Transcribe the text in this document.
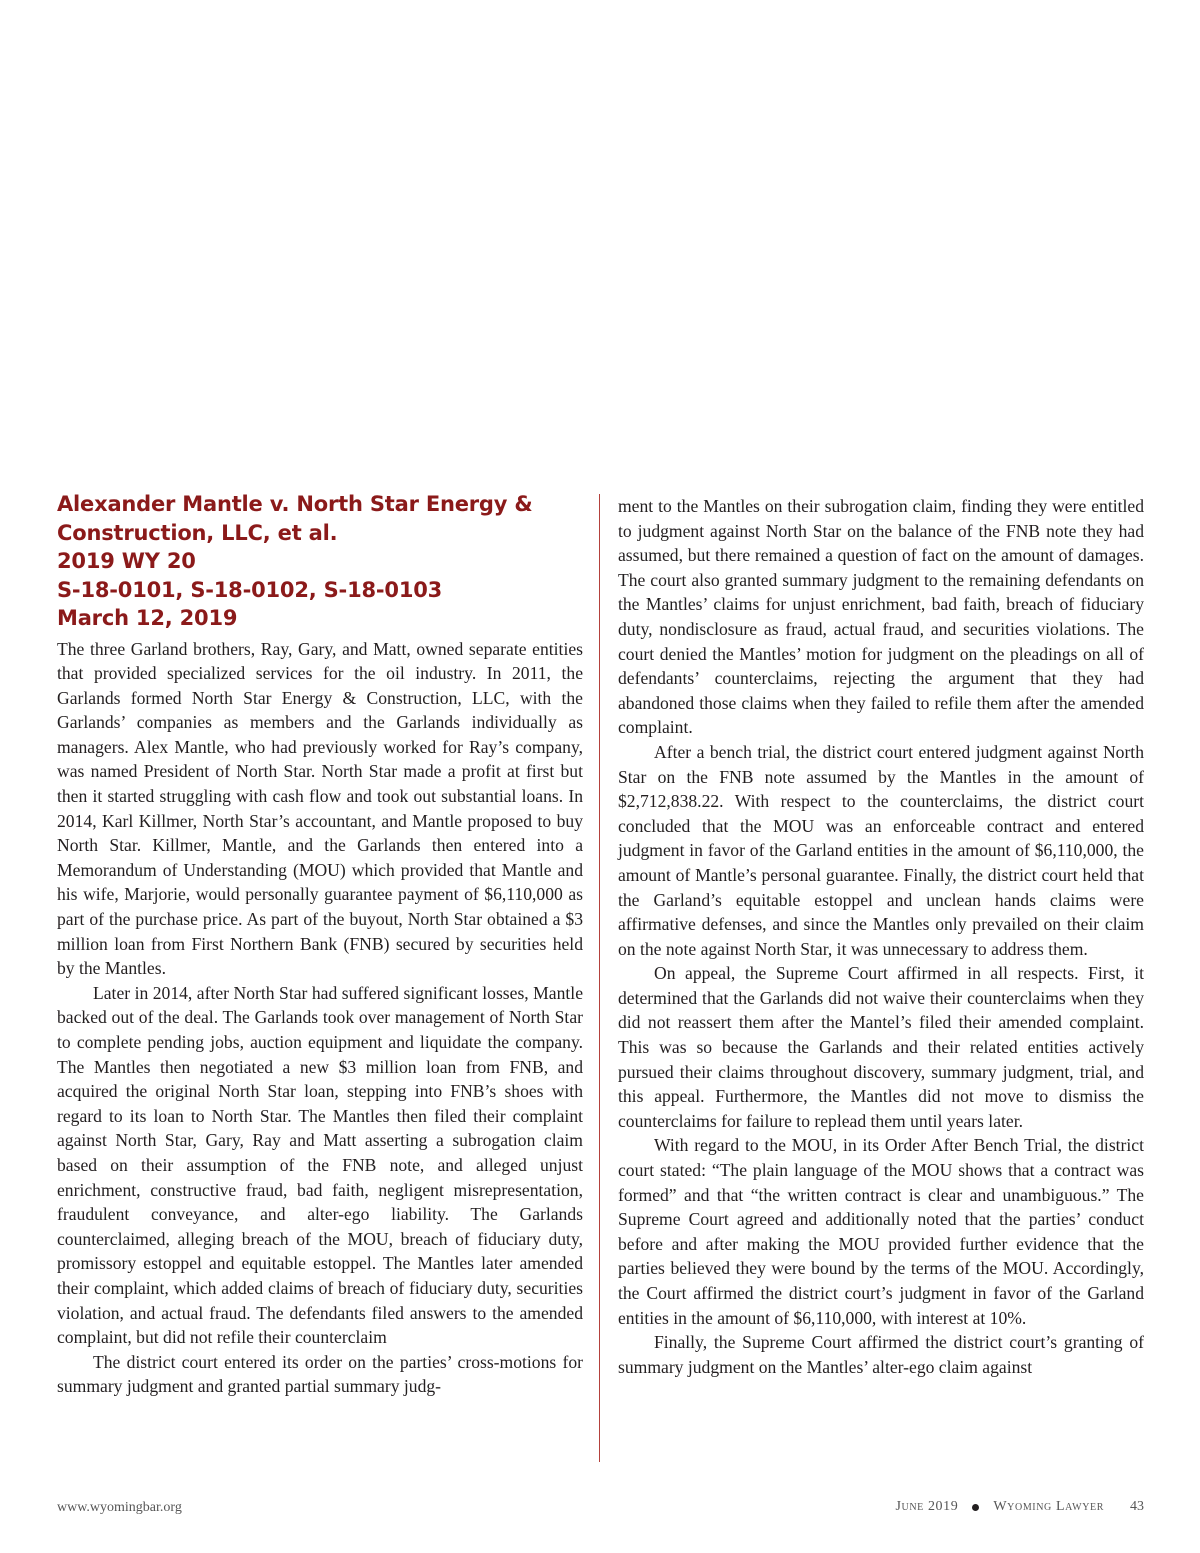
Alexander Mantle v. North Star Energy &
Construction, LLC, et al.
2019 WY 20
S-18-0101, S-18-0102, S-18-0103
March 12, 2019

The three Garland brothers, Ray, Gary, and Matt, owned separate entities that provided specialized services for the oil industry. In 2011, the Garlands formed North Star Energy & Construction, LLC, with the Garlands’ companies as members and the Garlands individually as managers. Alex Mantle, who had previously worked for Ray’s company, was named President of North Star. North Star made a profit at first but then it started struggling with cash flow and took out substantial loans. In 2014, Karl Killmer, North Star’s accountant, and Mantle proposed to buy North Star. Killmer, Mantle, and the Garlands then entered into a Memorandum of Understanding (MOU) which provided that Mantle and his wife, Marjorie, would personally guarantee payment of $6,110,000 as part of the purchase price. As part of the buyout, North Star obtained a $3 million loan from First Northern Bank (FNB) secured by securities held by the Mantles.

Later in 2014, after North Star had suffered significant losses, Mantle backed out of the deal. The Garlands took over management of North Star to complete pending jobs, auction equipment and liquidate the company. The Mantles then negotiated a new $3 million loan from FNB, and acquired the original North Star loan, stepping into FNB’s shoes with regard to its loan to North Star. The Mantles then filed their complaint against North Star, Gary, Ray and Matt asserting a subrogation claim based on their assumption of the FNB note, and alleged unjust enrichment, constructive fraud, bad faith, negligent misrepresentation, fraudulent conveyance, and alter-ego liability. The Garlands counterclaimed, alleging breach of the MOU, breach of fiduciary duty, promissory estoppel and equitable estoppel. The Mantles later amended their complaint, which added claims of breach of fiduciary duty, securities violation, and actual fraud. The defendants filed answers to the amended complaint, but did not refile their counterclaim

The district court entered its order on the parties’ cross-motions for summary judgment and granted partial summary judg-

ment to the Mantles on their subrogation claim, finding they were entitled to judgment against North Star on the balance of the FNB note they had assumed, but there remained a question of fact on the amount of damages. The court also granted summary judgment to the remaining defendants on the Mantles’ claims for unjust enrichment, bad faith, breach of fiduciary duty, nondisclosure as fraud, actual fraud, and securities violations. The court denied the Mantles’ motion for judgment on the pleadings on all of defendants’ counterclaims, rejecting the argument that they had abandoned those claims when they failed to refile them after the amended complaint.

After a bench trial, the district court entered judgment against North Star on the FNB note assumed by the Mantles in the amount of $2,712,838.22. With respect to the counterclaims, the district court concluded that the MOU was an enforceable contract and entered judgment in favor of the Garland entities in the amount of $6,110,000, the amount of Mantle’s personal guarantee. Finally, the district court held that the Garland’s equitable estoppel and unclean hands claims were affirmative defenses, and since the Mantles only prevailed on their claim on the note against North Star, it was unnecessary to address them.

On appeal, the Supreme Court affirmed in all respects. First, it determined that the Garlands did not waive their counterclaims when they did not reassert them after the Mantel’s filed their amended complaint. This was so because the Garlands and their related entities actively pursued their claims throughout discovery, summary judgment, trial, and this appeal. Furthermore, the Mantles did not move to dismiss the counterclaims for failure to replead them until years later.

With regard to the MOU, in its Order After Bench Trial, the district court stated: “The plain language of the MOU shows that a contract was formed” and that “the written contract is clear and unambiguous.” The Supreme Court agreed and additionally noted that the parties’ conduct before and after making the MOU provided further evidence that the parties believed they were bound by the terms of the MOU. Accordingly, the Court affirmed the district court’s judgment in favor of the Garland entities in the amount of $6,110,000, with interest at 10%.

Finally, the Supreme Court affirmed the district court’s granting of summary judgment on the Mantles’ alter-ego claim against

www.wyomingbar.org	June 2019	Wyoming Lawyer 43
